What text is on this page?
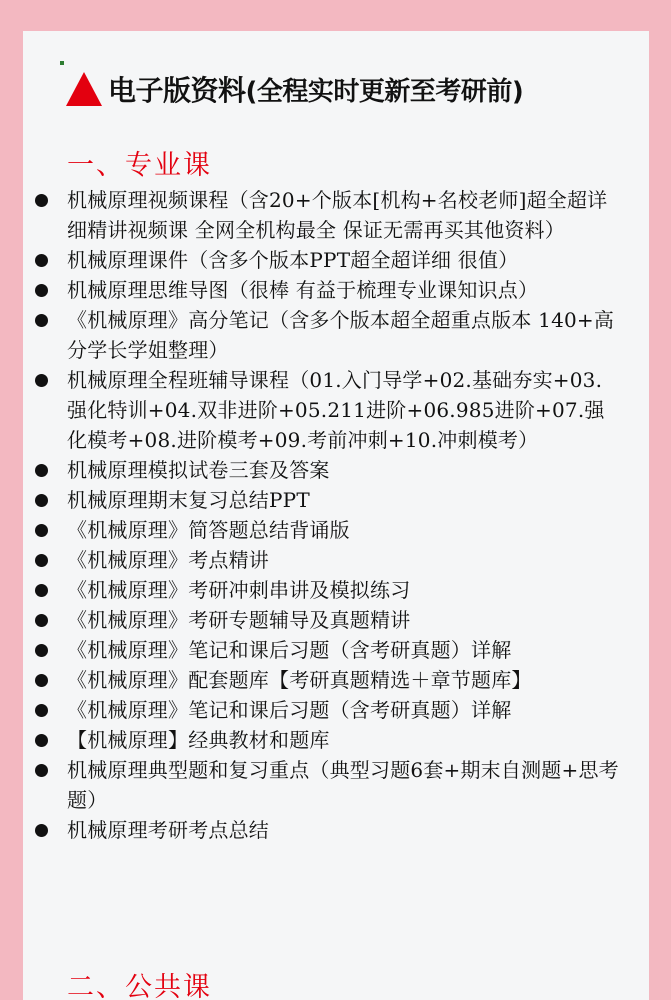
电子版资料(全程实时更新至考研前)
一、专业课
机械原理视频课程（含20+个版本[机构+名校老师]超全超详细精讲视频课 全网全机构最全 保证无需再买其他资料）
机械原理课件（含多个版本PPT超全超详细 很值）
机械原理思维导图（很棒 有益于梳理专业课知识点）
《机械原理》高分笔记（含多个版本超全超重点版本 140+高分学长学姐整理）
机械原理全程班辅导课程（01.入门导学+02.基础夯实+03.强化特训+04.双非进阶+05.211进阶+06.985进阶+07.强化模考+08.进阶模考+09.考前冲刺+10.冲刺模考）
机械原理模拟试卷三套及答案
机械原理期末复习总结PPT
《机械原理》简答题总结背诵版
《机械原理》考点精讲
《机械原理》考研冲刺串讲及模拟练习
《机械原理》考研专题辅导及真题精讲
《机械原理》笔记和课后习题（含考研真题）详解
《机械原理》配套题库【考研真题精选＋章节题库】
《机械原理》笔记和课后习题（含考研真题）详解
【机械原理】经典教材和题库
机械原理典型题和复习重点（典型习题6套+期末自测题+思考题）
机械原理考研考点总结
二、公共课
